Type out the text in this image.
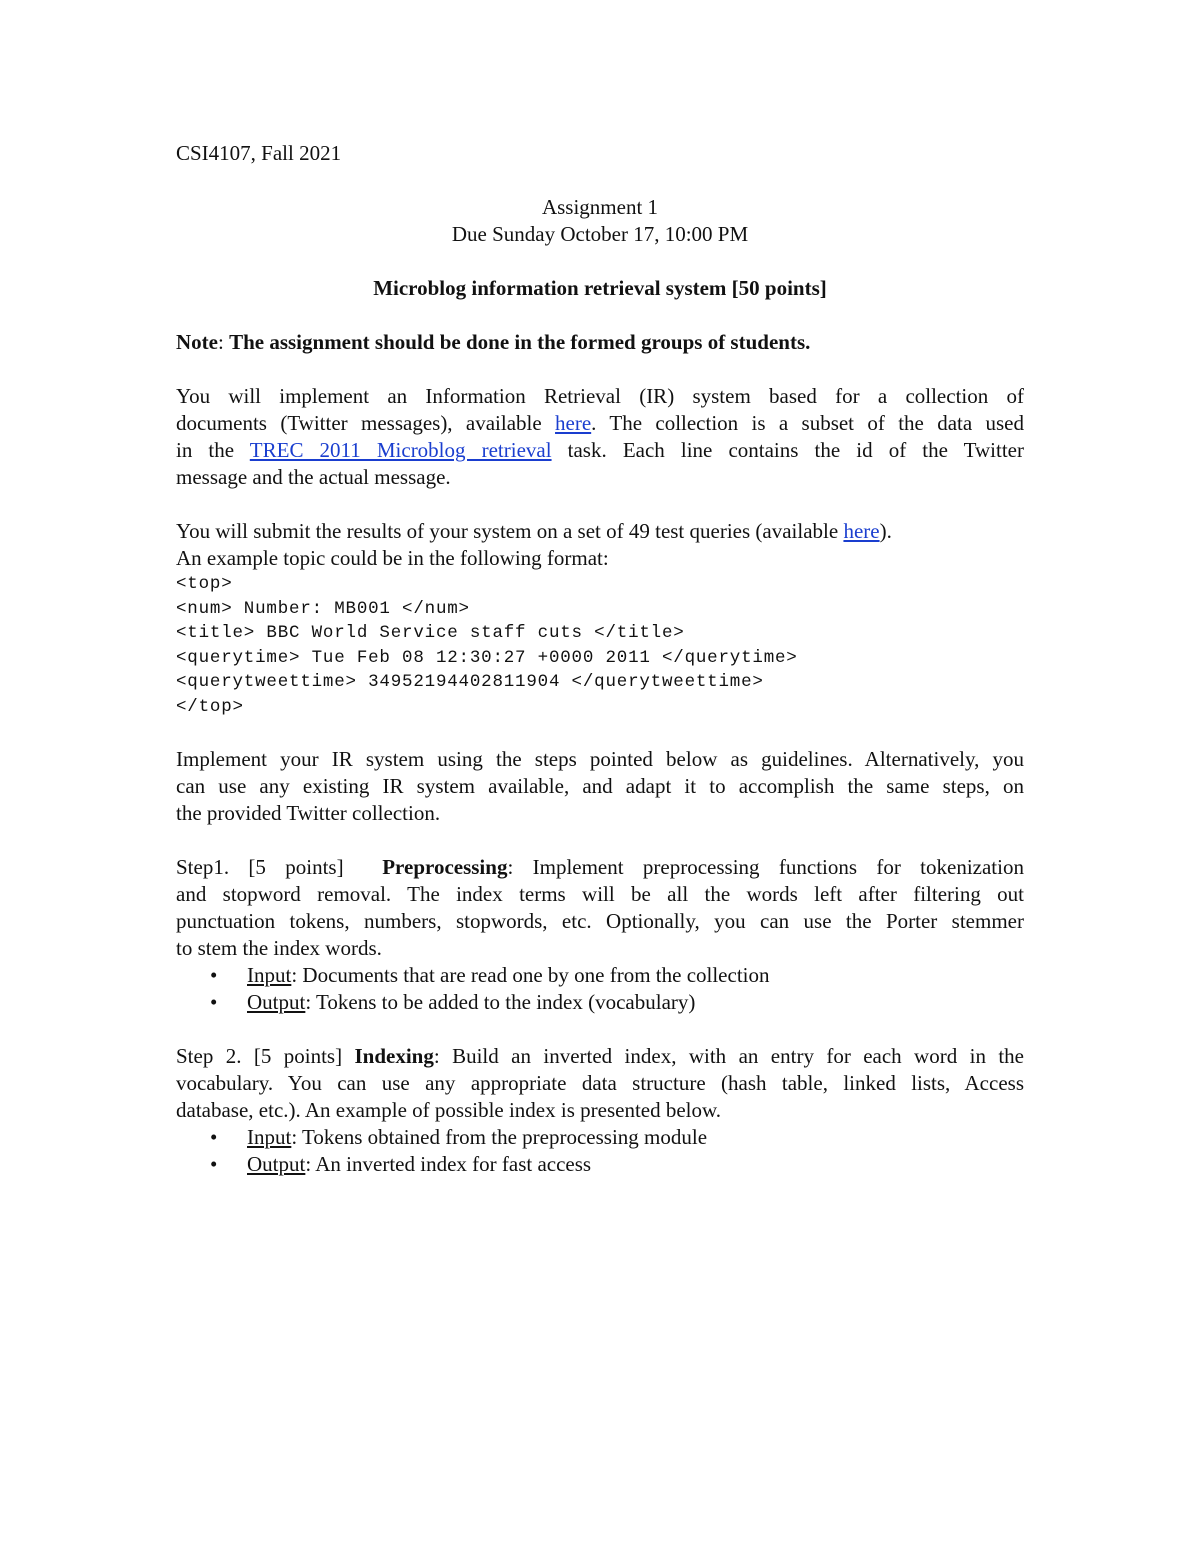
CSI4107, Fall 2021
Assignment 1
Due Sunday October 17, 10:00 PM
Microblog information retrieval system [50 points]
Note: The assignment should be done in the formed groups of students.
You will implement an Information Retrieval (IR) system based for a collection of
documents (Twitter messages), available here. The collection is a subset of the data used
in the TREC 2011 Microblog retrieval task. Each line contains the id of the Twitter
message and the actual message.
You will submit the results of your system on a set of 49 test queries (available here).
An example topic could be in the following format:
<top>
<num> Number: MB001 </num>
<title> BBC World Service staff cuts </title>
<querytime> Tue Feb 08 12:30:27 +0000 2011 </querytime>
<querytweettime> 34952194402811904 </querytweettime>
</top>
Implement your IR system using the steps pointed below as guidelines. Alternatively, you
can use any existing IR system available, and adapt it to accomplish the same steps, on
the provided Twitter collection.
Step1. [5 points]  Preprocessing: Implement preprocessing functions for tokenization
and stopword removal. The index terms will be all the words left after filtering out
punctuation tokens, numbers, stopwords, etc. Optionally, you can use the Porter stemmer
to stem the index words.
• Input: Documents that are read one by one from the collection
• Output: Tokens to be added to the index (vocabulary)
Step 2. [5 points] Indexing: Build an inverted index, with an entry for each word in the
vocabulary. You can use any appropriate data structure (hash table, linked lists, Access
database, etc.). An example of possible index is presented below.
• Input: Tokens obtained from the preprocessing module
• Output: An inverted index for fast access
